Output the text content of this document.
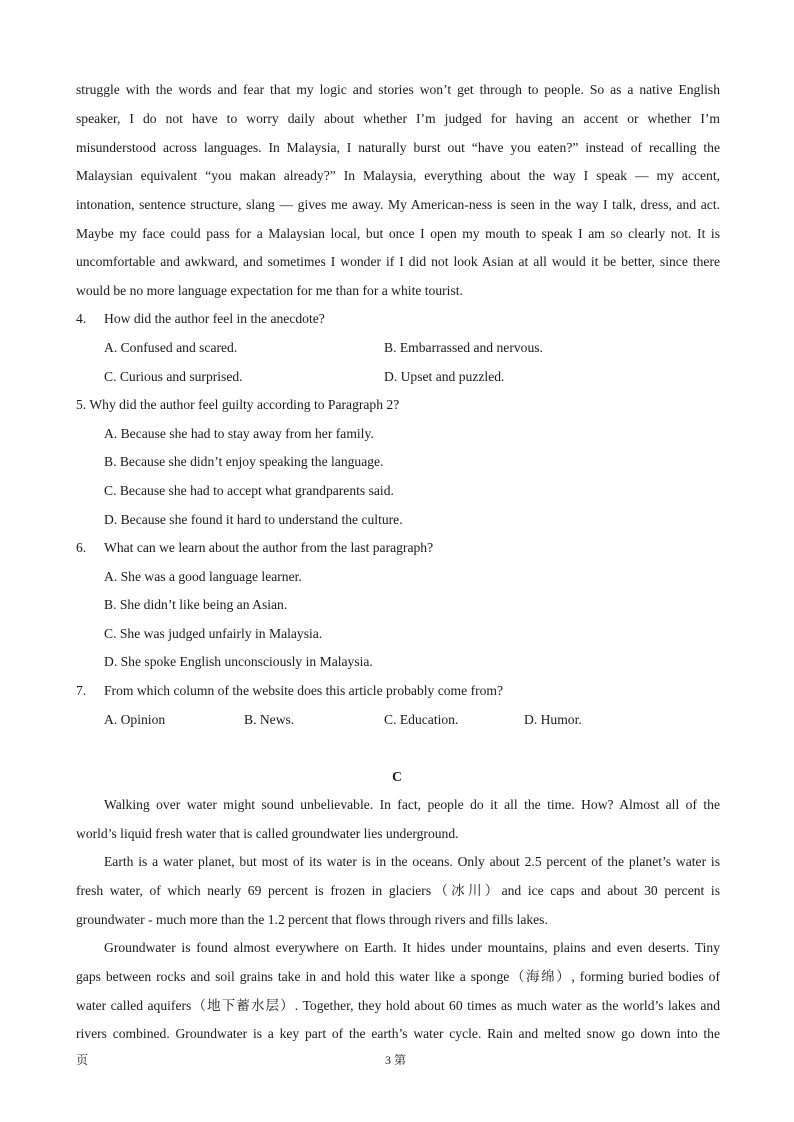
struggle with the words and fear that my logic and stories won’t get through to people. So as a native English
speaker, I do not have to worry daily about whether I’m judged for having an accent or whether I’m
misunderstood across languages. In Malaysia, I naturally burst out “have you eaten?” instead of recalling the
Malaysian equivalent “you makan already?” In Malaysia, everything about the way I speak — my accent,
intonation, sentence structure, slang — gives me away. My American-ness is seen in the way I talk, dress, and act.
Maybe my face could pass for a Malaysian local, but once I open my mouth to speak I am so clearly not. It is
uncomfortable and awkward, and sometimes I wonder if I did not look Asian at all would it be better, since there
would be no more language expectation for me than for a white tourist.
4. How did the author feel in the anecdote?
A. Confused and scared.	B. Embarrassed and nervous.
C. Curious and surprised.	D. Upset and puzzled.
5. Why did the author feel guilty according to Paragraph 2?
A. Because she had to stay away from her family.
B. Because she didn’t enjoy speaking the language.
C. Because she had to accept what grandparents said.
D. Because she found it hard to understand the culture.
6. What can we learn about the author from the last paragraph?
A. She was a good language learner.
B. She didn’t like being an Asian.
C. She was judged unfairly in Malaysia.
D. She spoke English unconsciously in Malaysia.
7. From which column of the website does this article probably come from?
A. Opinion	B. News.	C. Education.	D. Humor.
C
Walking over water might sound unbelievable. In fact, people do it all the time. How? Almost all of the
world’s liquid fresh water that is called groundwater lies underground.
Earth is a water planet, but most of its water is in the oceans. Only about 2.5 percent of the planet’s water is
fresh water, of which nearly 69 percent is frozen in glaciers（冰川）and ice caps and about 30 percent is
groundwater - much more than the 1.2 percent that flows through rivers and fills lakes.
Groundwater is found almost everywhere on Earth. It hides under mountains, plains and even deserts. Tiny
gaps between rocks and soil grains take in and hold this water like a sponge（海绵）, forming buried bodies of
water called aquifers（地下蓄水层）. Together, they hold about 60 times as much water as the world’s lakes and
rivers combined. Groundwater is a key part of the earth’s water cycle. Rain and melted snow go down into the
页	3 第
